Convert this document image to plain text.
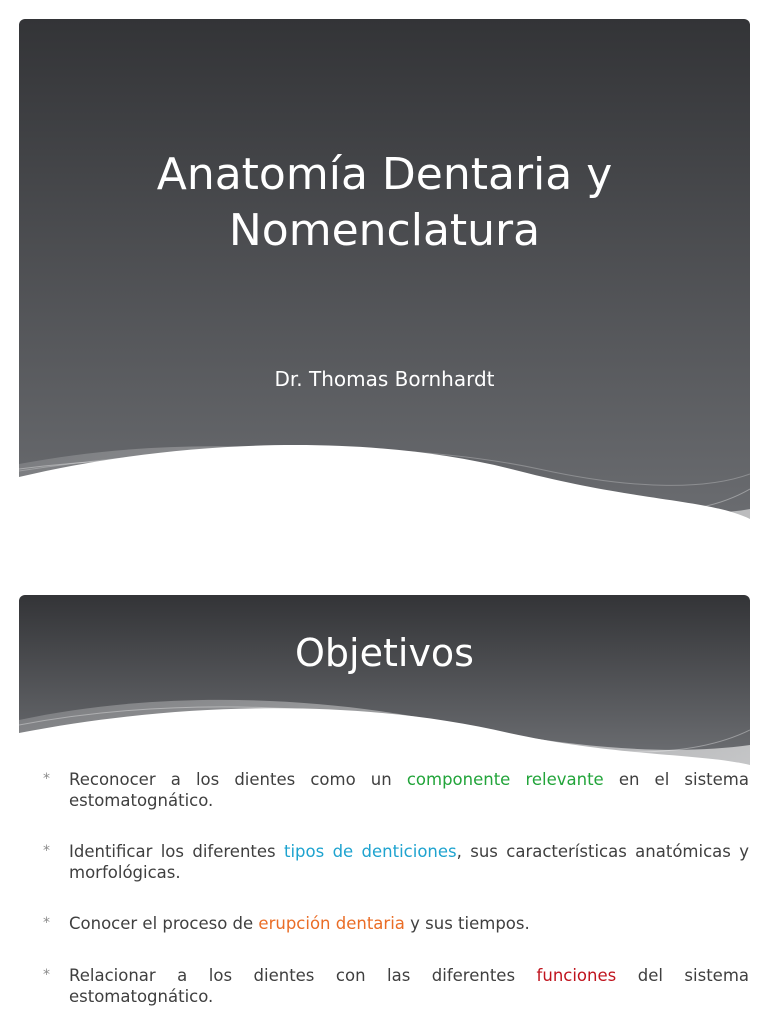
Anatomía Dentaria y
Nomenclatura

Dr. Thomas Bornhardt

Objetivos
* Reconocer a los dientes como un componente relevante en el sistema estomatognático.
* Identificar los diferentes tipos de denticiones, sus características anatómicas y morfológicas.
* Conocer el proceso de erupción dentaria y sus tiempos.
* Relacionar a los dientes con las diferentes funciones del sistema estomatognático.
